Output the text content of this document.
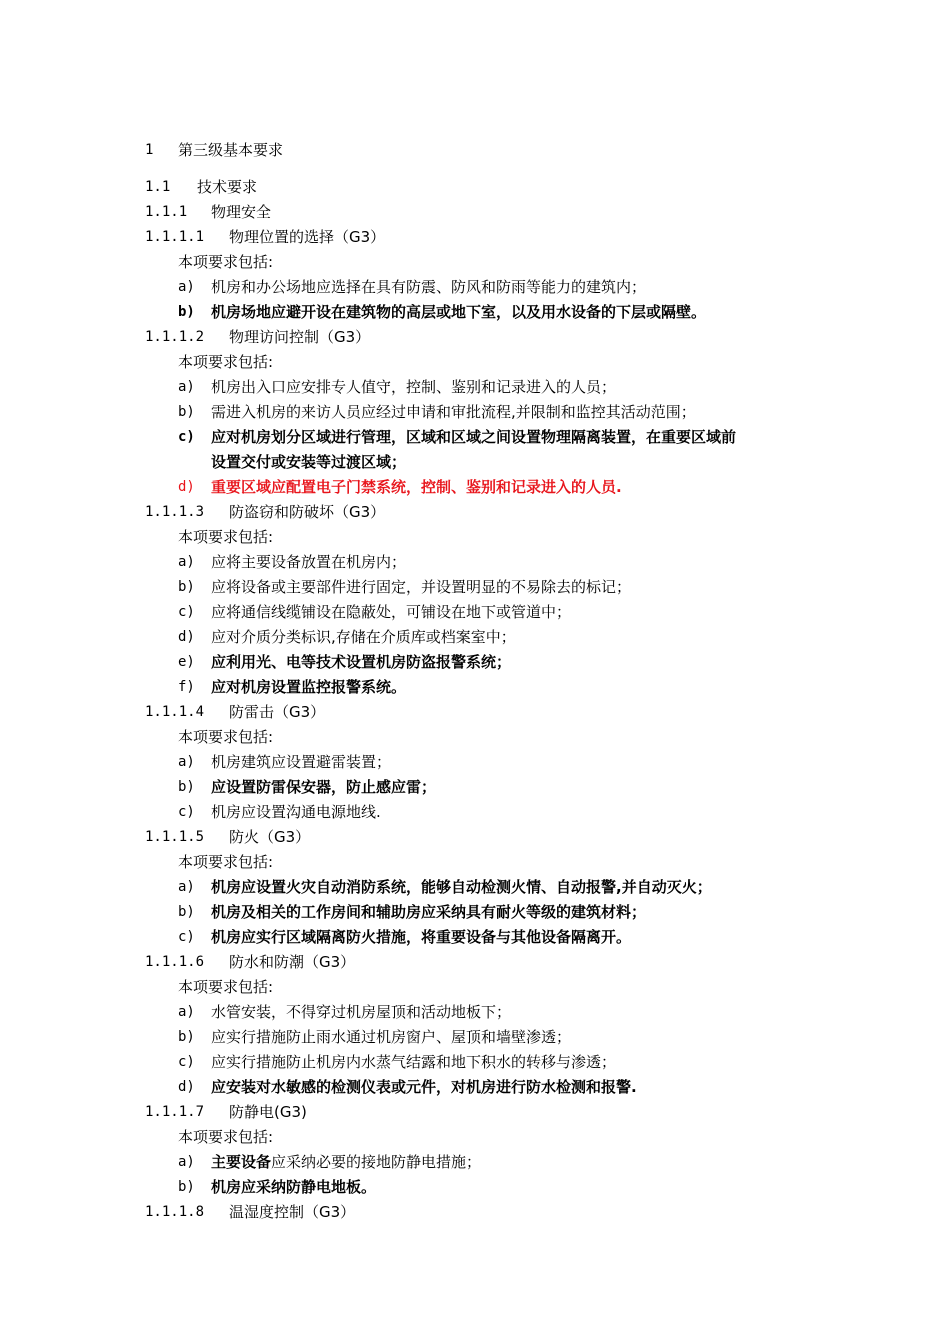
1 第三级基本要求
1.1 技术要求
1.1.1 物理安全
1.1.1.1 物理位置的选择（G3）
本项要求包括:
a) 机房和办公场地应选择在具有防震、防风和防雨等能力的建筑内；
b) 机房场地应避开设在建筑物的高层或地下室，以及用水设备的下层或隔壁。
1.1.1.2 物理访问控制（G3）
本项要求包括:
a) 机房出入口应安排专人值守，控制、鉴别和记录进入的人员；
b) 需进入机房的来访人员应经过申请和审批流程,并限制和监控其活动范围；
c) 应对机房划分区域进行管理，区域和区域之间设置物理隔离装置，在重要区域前
设置交付或安装等过渡区域；
d) 重要区域应配置电子门禁系统，控制、鉴别和记录进入的人员.
1.1.1.3 防盗窃和防破坏（G3）
本项要求包括:
a) 应将主要设备放置在机房内；
b) 应将设备或主要部件进行固定，并设置明显的不易除去的标记；
c) 应将通信线缆铺设在隐蔽处，可铺设在地下或管道中；
d) 应对介质分类标识,存储在介质库或档案室中；
e) 应利用光、电等技术设置机房防盗报警系统；
f) 应对机房设置监控报警系统。
1.1.1.4 防雷击（G3）
本项要求包括:
a) 机房建筑应设置避雷装置；
b) 应设置防雷保安器，防止感应雷；
c) 机房应设置沟通电源地线.
1.1.1.5 防火（G3）
本项要求包括:
a) 机房应设置火灾自动消防系统，能够自动检测火情、自动报警,并自动灭火；
b) 机房及相关的工作房间和辅助房应采纳具有耐火等级的建筑材料；
c) 机房应实行区域隔离防火措施，将重要设备与其他设备隔离开。
1.1.1.6 防水和防潮（G3）
本项要求包括:
a) 水管安装，不得穿过机房屋顶和活动地板下；
b) 应实行措施防止雨水通过机房窗户、屋顶和墙壁渗透；
c) 应实行措施防止机房内水蒸气结露和地下积水的转移与渗透；
d) 应安装对水敏感的检测仪表或元件，对机房进行防水检测和报警.
1.1.1.7 防静电(G3)
本项要求包括:
a) 主要设备应采纳必要的接地防静电措施；
b) 机房应采纳防静电地板。
1.1.1.8 温湿度控制（G3）
